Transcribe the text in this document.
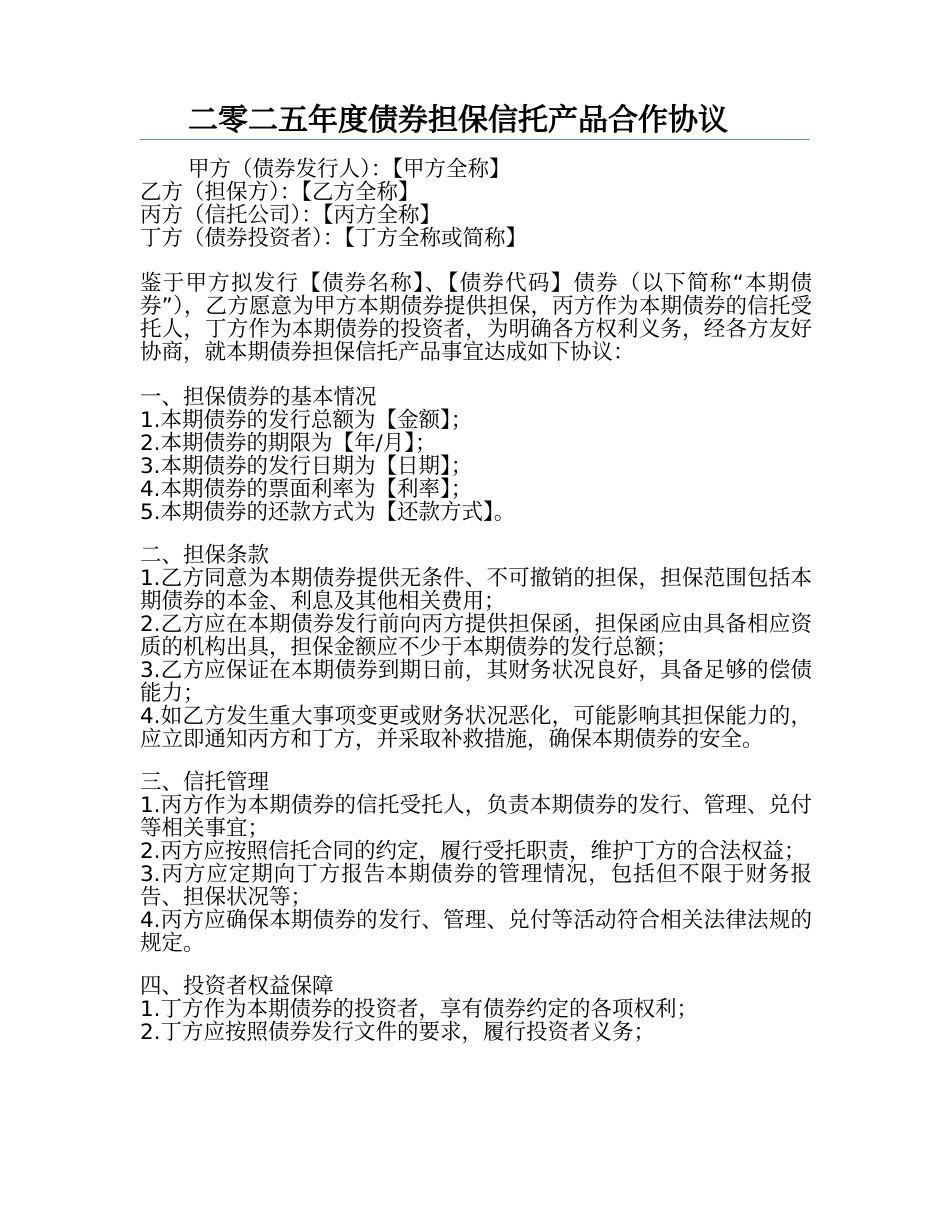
二零二五年度债券担保信托产品合作协议

甲方（债券发行人）：【甲方全称】

乙方（担保方）：【乙方全称】

丙方（信托公司）：【丙方全称】

丁方（债券投资者）：【丁方全称或简称】

鉴于甲方拟发行【债券名称】、【债券代码】债券（以下简称“本期债券”），乙方愿意为甲方本期债券提供担保，丙方作为本期债券的信托受托人，丁方作为本期债券的投资者，为明确各方权利义务，经各方友好协商，就本期债券担保信托产品事宜达成如下协议：

一、担保债券的基本情况

1.本期债券的发行总额为【金额】；

2.本期债券的期限为【年/月】；

3.本期债券的发行日期为【日期】；

4.本期债券的票面利率为【利率】；

5.本期债券的还款方式为【还款方式】。

二、担保条款

1.乙方同意为本期债券提供无条件、不可撤销的担保，担保范围包括本期债券的本金、利息及其他相关费用；

2.乙方应在本期债券发行前向丙方提供担保函，担保函应由具备相应资质的机构出具，担保金额应不少于本期债券的发行总额；

3.乙方应保证在本期债券到期日前，其财务状况良好，具备足够的偿债能力；

4.如乙方发生重大事项变更或财务状况恶化，可能影响其担保能力的，应立即通知丙方和丁方，并采取补救措施，确保本期债券的安全。

三、信托管理

1.丙方作为本期债券的信托受托人，负责本期债券的发行、管理、兑付等相关事宜；

2.丙方应按照信托合同的约定，履行受托职责，维护丁方的合法权益；

3.丙方应定期向丁方报告本期债券的管理情况，包括但不限于财务报告、担保状况等；

4.丙方应确保本期债券的发行、管理、兑付等活动符合相关法律法规的规定。

四、投资者权益保障

1.丁方作为本期债券的投资者，享有债券约定的各项权利；

2.丁方应按照债券发行文件的要求，履行投资者义务；
